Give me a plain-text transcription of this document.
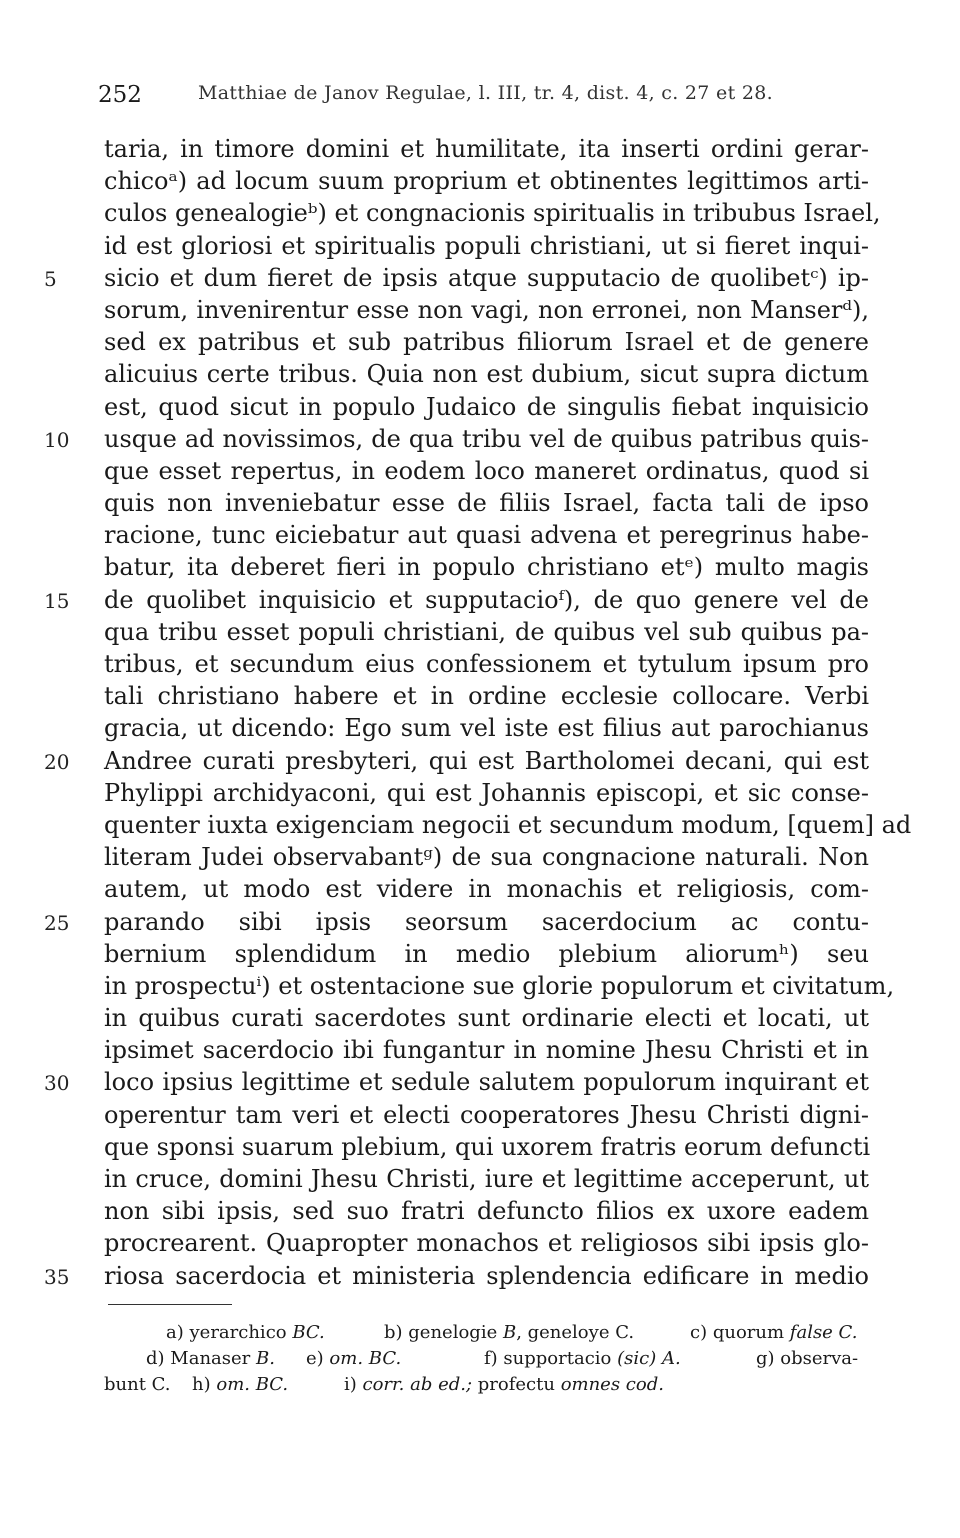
252	Matthiae de Janov Regulae, l. III, tr. 4, dist. 4, c. 27 et 28.
taria, in timore domini et humilitate, ita inserti ordini gerar-
chicoᵃ) ad locum suum proprium et obtinentes legittimos arti-
culos genealogieᵇ) et congnacionis spiritualis in tribubus Israel,
id est gloriosi et spiritualis populi christiani, ut si fieret inqui-
5	sicio et dum fieret de ipsis atque supputacio de quolibetᶜ) ip-
sorum, invenirentur esse non vagi, non erronei, non Manserᵈ),
sed ex patribus et sub patribus filiorum Israel et de genere
alicuius certe tribus. Quia non est dubium, sicut supra dictum
est, quod sicut in populo Judaico de singulis fiebat inquisicio
10	usque ad novissimos, de qua tribu vel de quibus patribus quis-
que esset repertus, in eodem loco maneret ordinatus, quod si
quis non inveniebatur esse de filiis Israel, facta tali de ipso
racione, tunc eiciebatur aut quasi advena et peregrinus habe-
batur, ita deberet fieri in populo christiano etᵉ) multo magis
15	de quolibet inquisicio et supputacioᶠ), de quo genere vel de
qua tribu esset populi christiani, de quibus vel sub quibus pa-
tribus, et secundum eius confessionem et tytulum ipsum pro
tali christiano habere et in ordine ecclesie collocare. Verbi
gracia, ut dicendo: Ego sum vel iste est filius aut parochianus
20	Andree curati presbyteri, qui est Bartholomei decani, qui est
Phylippi archidyaconi, qui est Johannis episcopi, et sic conse-
quenter iuxta exigenciam negocii et secundum modum, [quem] ad
literam Judei observabantᵍ) de sua congnacione naturali. Non
autem, ut modo est videre in monachis et religiosis, com-
25	parando sibi ipsis seorsum sacerdocium ac contu-
bernium splendidum in medio plebium aliorumʰ) seu
in prospectuⁱ) et ostentacione sue glorie populorum et civitatum,
in quibus curati sacerdotes sunt ordinarie electi et locati, ut
ipsimet sacerdocio ibi fungantur in nomine Jhesu Christi et in
30	loco ipsius legittime et sedule salutem populorum inquirant et
operentur tam veri et electi cooperatores Jhesu Christi digni-
que sponsi suarum plebium, qui uxorem fratris eorum defuncti
in cruce, domini Jhesu Christi, iure et legittime acceperunt, ut
non sibi ipsis, sed suo fratri defuncto filios ex uxore eadem
procrearent. Quapropter monachos et religiosos sibi ipsis glo-
35	riosa sacerdocia et ministeria splendencia edificare in medio
a) yerarchico BC.	b) genelogie B, geneloye C.	c) quorum false C.
d) Manaser B. e) om. BC.	f) supportacio (sic) A.	g) observa-
bunt C. h) om. BC.	i) corr. ab ed.; profectu omnes cod.
